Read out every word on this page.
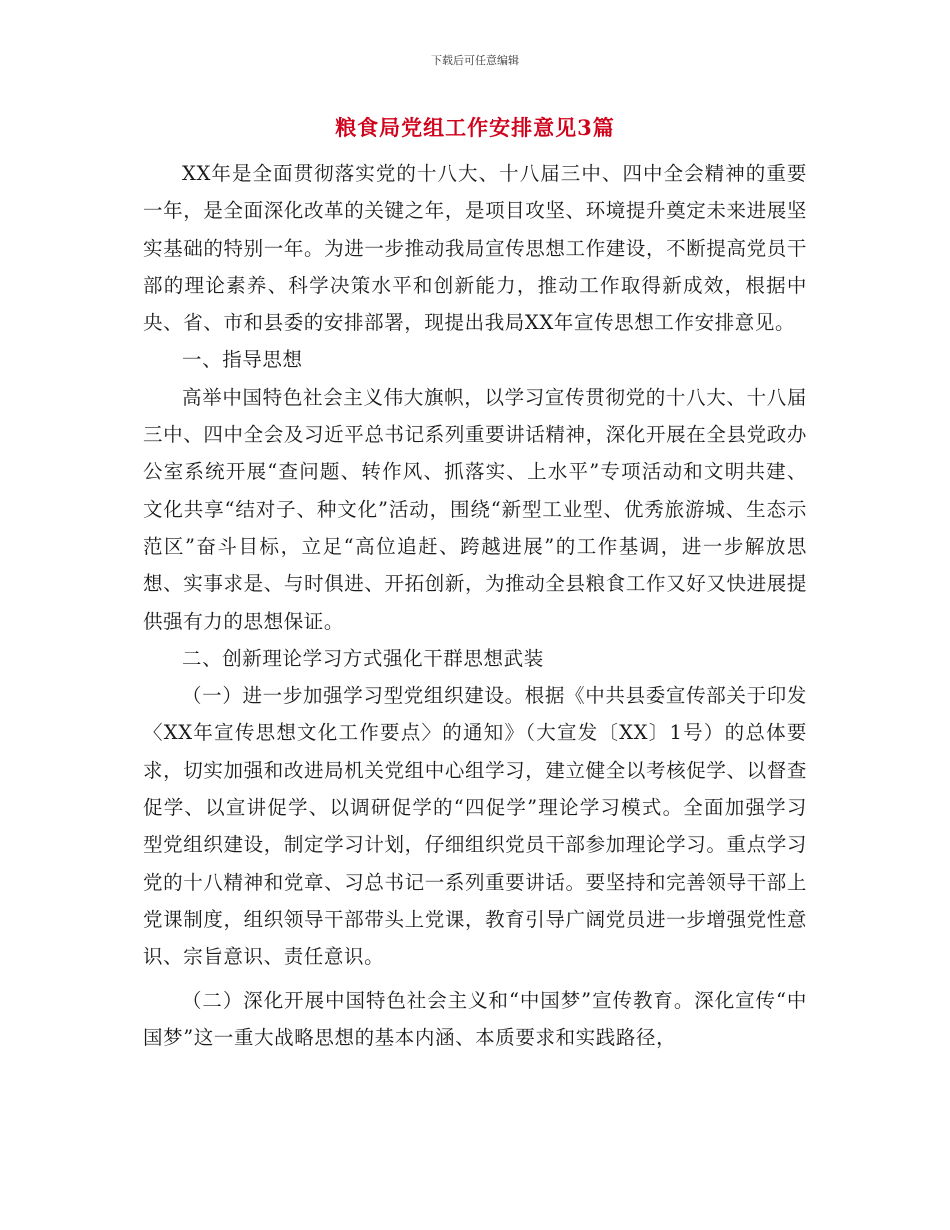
下载后可任意编辑
粮食局党组工作安排意见3篇

XX年是全面贯彻落实党的十八大、十八届三中、四中全会精神的重要一年，是全面深化改革的关键之年，是项目攻坚、环境提升奠定未来进展坚实基础的特别一年。为进一步推动我局宣传思想工作建设，不断提高党员干部的理论素养、科学决策水平和创新能力，推动工作取得新成效，根据中央、省、市和县委的安排部署，现提出我局XX年宣传思想工作安排意见。

一、指导思想

高举中国特色社会主义伟大旗帜，以学习宣传贯彻党的十八大、十八届三中、四中全会及习近平总书记系列重要讲话精神，深化开展在全县党政办公室系统开展“查问题、转作风、抓落实、上水平”专项活动和文明共建、文化共享“结对子、种文化”活动，围绕“新型工业型、优秀旅游城、生态示范区”奋斗目标，立足“高位追赶、跨越进展”的工作基调，进一步解放思想、实事求是、与时俱进、开拓创新，为推动全县粮食工作又好又快进展提供强有力的思想保证。

二、创新理论学习方式强化干群思想武装

（一）进一步加强学习型党组织建设。根据《中共县委宣传部关于印发〈XX年宣传思想文化工作要点〉的通知》（大宣发〔XX〕1号）的总体要求，切实加强和改进局机关党组中心组学习，建立健全以考核促学、以督查促学、以宣讲促学、以调研促学的“四促学”理论学习模式。全面加强学习型党组织建设，制定学习计划，仔细组织党员干部参加理论学习。重点学习党的十八精神和党章、习总书记一系列重要讲话。要坚持和完善领导干部上党课制度，组织领导干部带头上党课，教育引导广阔党员进一步增强党性意识、宗旨意识、责任意识。

（二）深化开展中国特色社会主义和“中国梦”宣传教育。深化宣传“中国梦”这一重大战略思想的基本内涵、本质要求和实践路径，
